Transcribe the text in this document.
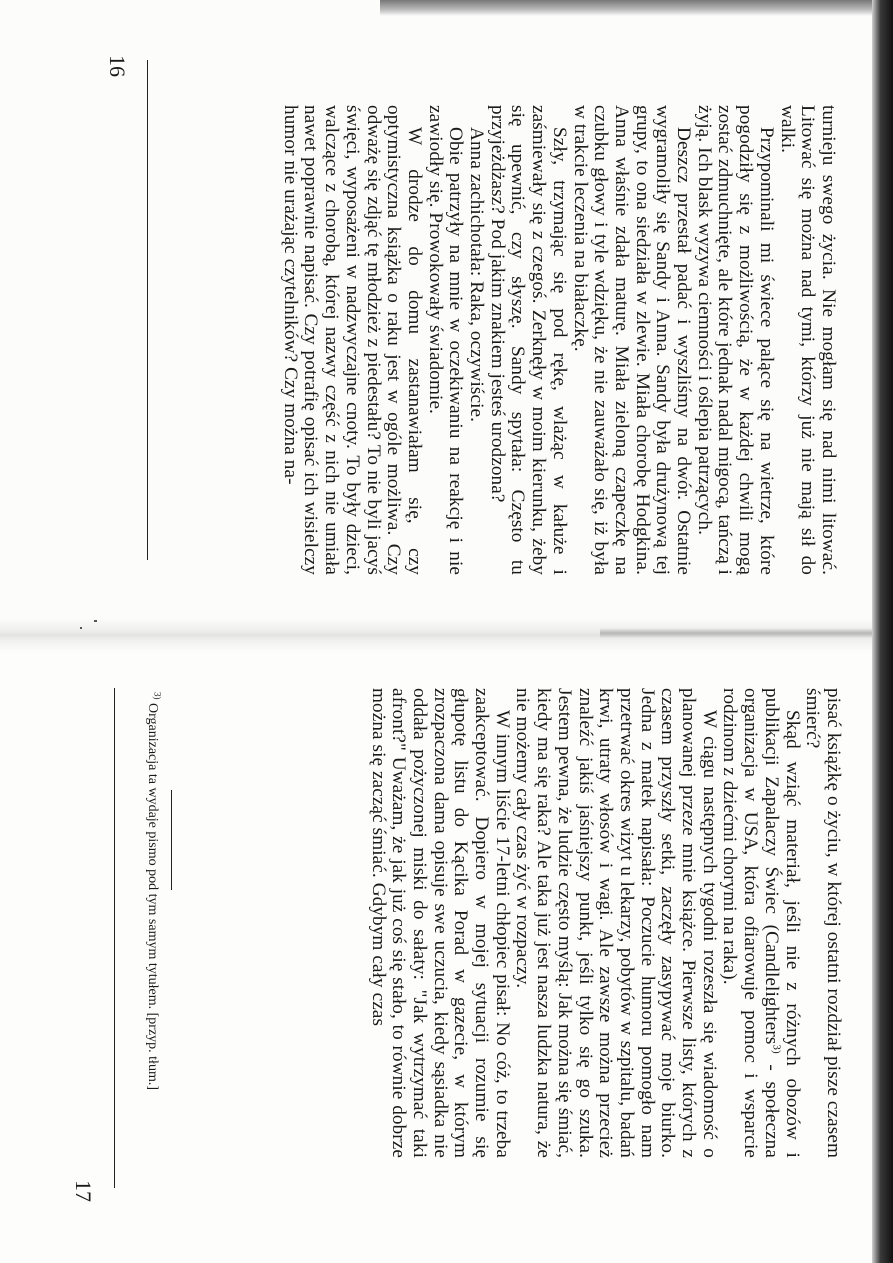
16

turnieju swego życia. Nie mogłam się nad nimi litować. Litować się można nad tymi, którzy już nie mają sił do walki.

Przypominali mi świece palące się na wietrze, które pogodziły się z możliwością, że w każdej chwili mogą zostać zdmuchnięte, ale które jednak nadal migocą, tańczą i żyją. Ich blask wyzywa ciemności i oślepia patrzących.

Deszcz przestał padać i wyszliśmy na dwór. Ostatnie wygramoliły się Sandy i Anna. Sandy była drużynową tej grupy, to ona siedziała w zlewie. Miała chorobę Hodgkina. Anna właśnie zdała maturę. Miała zieloną czapeczkę na czubku głowy i tyle wdzięku, że nie zauważało się, iż była w trakcie leczenia na białaczkę.

Szły, trzymając się pod rękę, wlażąc w kałuże i zaśmiewały się z czegoś. Zerknęły w moim kierunku, żeby się upewnić, czy słyszę. Sandy spytała: Często tu przyjeżdżasz? Pod jakim znakiem jesteś urodzona?

Anna zachichotała: Raka, oczywiście.

Obie patrzyły na mnie w oczekiwaniu na reakcję i nie zawiodły się. Prowokowały świadomie.

W drodze do domu zastanawiałam się, czy optymistyczna książka o raku jest w ogóle możliwa. Czy odważę się zdjąć tę młodzież z piedestału? To nie byli jacyś święci, wyposażeni w nadzwyczajne cnoty. To były dzieci, walczące z chorobą, której nazwy część z nich nie umiała nawet poprawnie napisać. Czy potrafię opisać ich wisielczy humor nie urażając czytelników? Czy można na-

pisać książkę o życiu, w której ostatni rozdział pisze czasem śmierć?

Skąd wziąć materiał, jeśli nie z różnych obozów i publikacji Zapalaczy Świec (Candlelighters$^{3)}$ - społeczna organizacja w USA, która ofiarowuje pomoc i wsparcie rodzinom z dziećmi chorymi na raka).

W ciągu następnych tygodni rozeszła się wiadomość o planowanej przeze mnie książce. Pierwsze listy, których z czasem przyszły setki, zaczęły zasypywać moje biurko. Jedna z matek napisała: Poczucie humoru pomogło nam przetrwać okres wizyt u lekarzy, pobytów w szpitalu, badań krwi, utraty włosów i wagi. Ale zawsze można przecież znaleźć jakiś jaśniejszy punkt, jeśli tylko się go szuka. Jestem pewna, że ludzie często myślą: Jak można się śmiać, kiedy ma się raka? Ale taka już jest nasza ludzka natura, że nie możemy cały czas żyć w rozpaczy.

W innym liście 17-letni chłopiec pisał: No cóż, to trzeba zaakceptować. Dopiero w mojej sytuacji rozumie się głupotę listu do Kącika Porad w gazecie, w którym zrozpaczona dama opisuje swe uczucia, kiedy sąsiadka nie oddała pożyczonej miski do sałaty: "Jak wytrzymać taki afront?" Uważam, że jak już coś się stało, to równie dobrze można się zacząć śmiać. Gdybym cały czas

$^{3)}$ Organizacja ta wydaje pismo pod tym samym tytułem. [przyp. tłum.]
17
